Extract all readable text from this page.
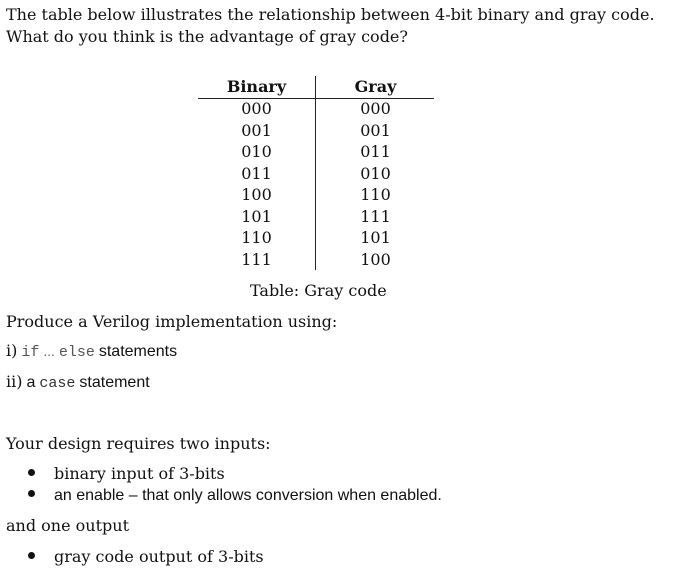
The table below illustrates the relationship between 4-bit binary and gray code. What do you think is the advantage of gray code?
Binary
000
001
010
011
100
101
110
111
Gray
000
001
011
010
110
111
101
100
Table: Gray code
Produce a Verilog implementation using:
i) if ... else statements
ii) a case statement
Your design requires two inputs:
binary input of 3-bits
an enable – that only allows conversion when enabled.
and one output
gray code output of 3-bits
